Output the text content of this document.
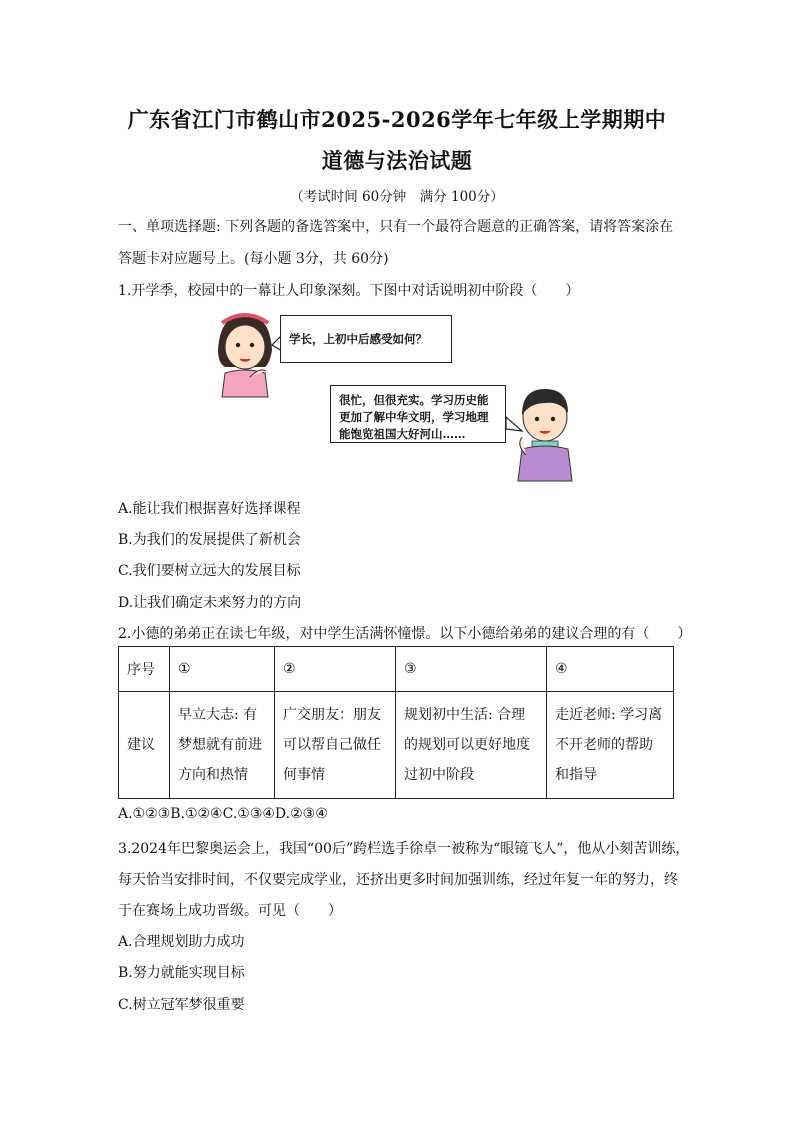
广东省江门市鹤山市2025-2026学年七年级上学期期中
道德与法治试题
（考试时间 60分钟　满分 100分）
一、单项选择题: 下列各题的备选答案中，只有一个最符合题意的正确答案，请将答案涂在
答题卡对应题号上。(每小题 3分，共 60分)
1.开学季，校园中的一幕让人印象深刻。下图中对话说明初中阶段（　　）
学长，上初中后感受如何？
很忙，但很充实。学习历史能更加了解中华文明，学习地理能饱览祖国大好河山……
A.能让我们根据喜好选择课程
B.为我们的发展提供了新机会
C.我们要树立远大的发展目标
D.让我们确定未来努力的方向
2.小德的弟弟正在读七年级，对中学生活满怀憧憬。以下小德给弟弟的建议合理的有（　　）
序号	①	②	③	④
建议	早立大志: 有梦想就有前进方向和热情	广交朋友：朋友可以帮自己做任何事情	规划初中生活: 合理的规划可以更好地度过初中阶段	走近老师: 学习离不开老师的帮助和指导
A.①②③B.①②④C.①③④D.②③④
3.2024年巴黎奥运会上，我国“00后”跨栏选手徐卓一被称为“眼镜飞人”，他从小刻苦训练，
每天恰当安排时间，不仅要完成学业，还挤出更多时间加强训练，经过年复一年的努力，终
于在赛场上成功晋级。可见（　　）
A.合理规划助力成功
B.努力就能实现目标
C.树立冠军梦很重要
